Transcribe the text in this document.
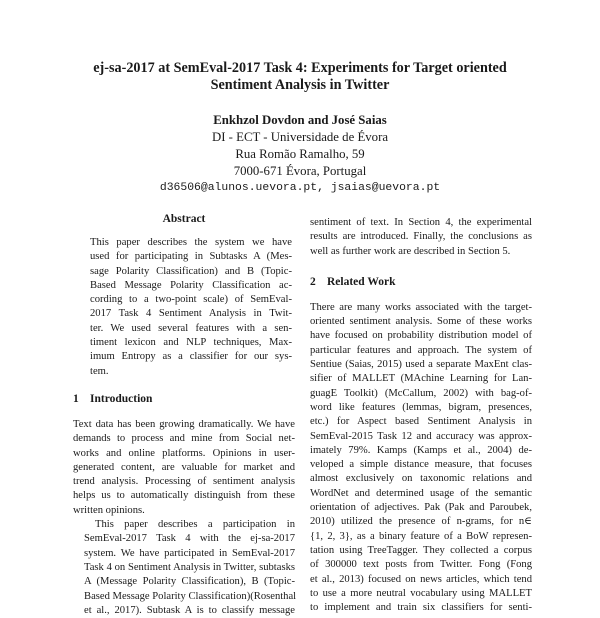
ej-sa-2017 at SemEval-2017 Task 4: Experiments for Target oriented
Sentiment Analysis in Twitter
Enkhzol Dovdon and José Saias
DI - ECT - Universidade de Évora
Rua Romão Ramalho, 59
7000-671 Évora, Portugal
d36506@alunos.uevora.pt, jsaias@uevora.pt
Abstract
This paper describes the system we have
used for participating in Subtasks A (Mes-
sage Polarity Classification) and B (Topic-
Based Message Polarity Classification ac-
cording to a two-point scale) of SemEval-
2017 Task 4 Sentiment Analysis in Twit-
ter. We used several features with a sen-
timent lexicon and NLP techniques, Max-
imum Entropy as a classifier for our sys-
tem.
1 Introduction

Text data has been growing dramatically. We have
demands to process and mine from Social net-
works and online platforms. Opinions in user-
generated content, are valuable for market and
trend analysis. Processing of sentiment analysis
helps us to automatically distinguish from these
written opinions.

This paper describes a participation in
SemEval-2017 Task 4 with the ej-sa-2017
system. We have participated in SemEval-2017
Task 4 on Sentiment Analysis in Twitter, subtasks
A (Message Polarity Classification), B (Topic-
Based Message Polarity Classification)(Rosenthal
et al., 2017). Subtask A is to classify message

sentiment of text. In Section 4, the experimental
results are introduced. Finally, the conclusions as
well as further work are described in Section 5.
2 Related Work
There are many works associated with the target-
oriented sentiment analysis. Some of these works
have focused on probability distribution model of
particular features and approach. The system of
Sentiue (Saias, 2015) used a separate MaxEnt clas-
sifier of MALLET (MAchine Learning for Lan-
guagE Toolkit) (McCallum, 2002) with bag-of-
word like features (lemmas, bigram, presences,
etc.) for Aspect based Sentiment Analysis in
SemEval-2015 Task 12 and accuracy was approx-
imately 79%. Kamps (Kamps et al., 2004) de-
veloped a simple distance measure, that focuses
almost exclusively on taxonomic relations and
WordNet and determined usage of the semantic
orientation of adjectives. Pak (Pak and Paroubek,
2010) utilized the presence of n-grams, for n∈
{1, 2, 3}, as a binary feature of a BoW represen-
tation using TreeTagger. They collected a corpus
of 300000 text posts from Twitter. Fong (Fong
et al., 2013) focused on news articles, which tend
to use a more neutral vocabulary using MALLET
to implement and train six classifiers for senti-
